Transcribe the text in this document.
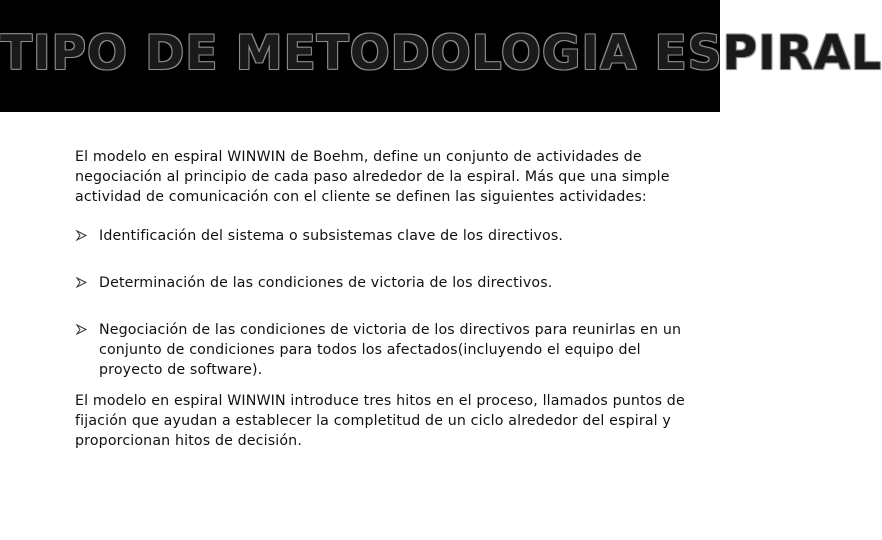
TIPO DE METODOLOGIA ESPIRAL

El modelo en espiral WINWIN de Boehm, define un conjunto de actividades de negociación al principio de cada paso alrededor de la espiral. Más que una simple actividad de comunicación con el cliente se definen las siguientes actividades:

Identificación del sistema o subsistemas clave de los directivos.
Determinación de las condiciones de victoria de los directivos.
Negociación de las condiciones de victoria de los directivos para reunirlas en un conjunto de condiciones para todos los afectados(incluyendo el equipo del proyecto de software).

El modelo en espiral WINWIN introduce tres hitos en el proceso, llamados puntos de fijación que ayudan a establecer la completitud de un ciclo alrededor del espiral y proporcionan hitos de decisión.
